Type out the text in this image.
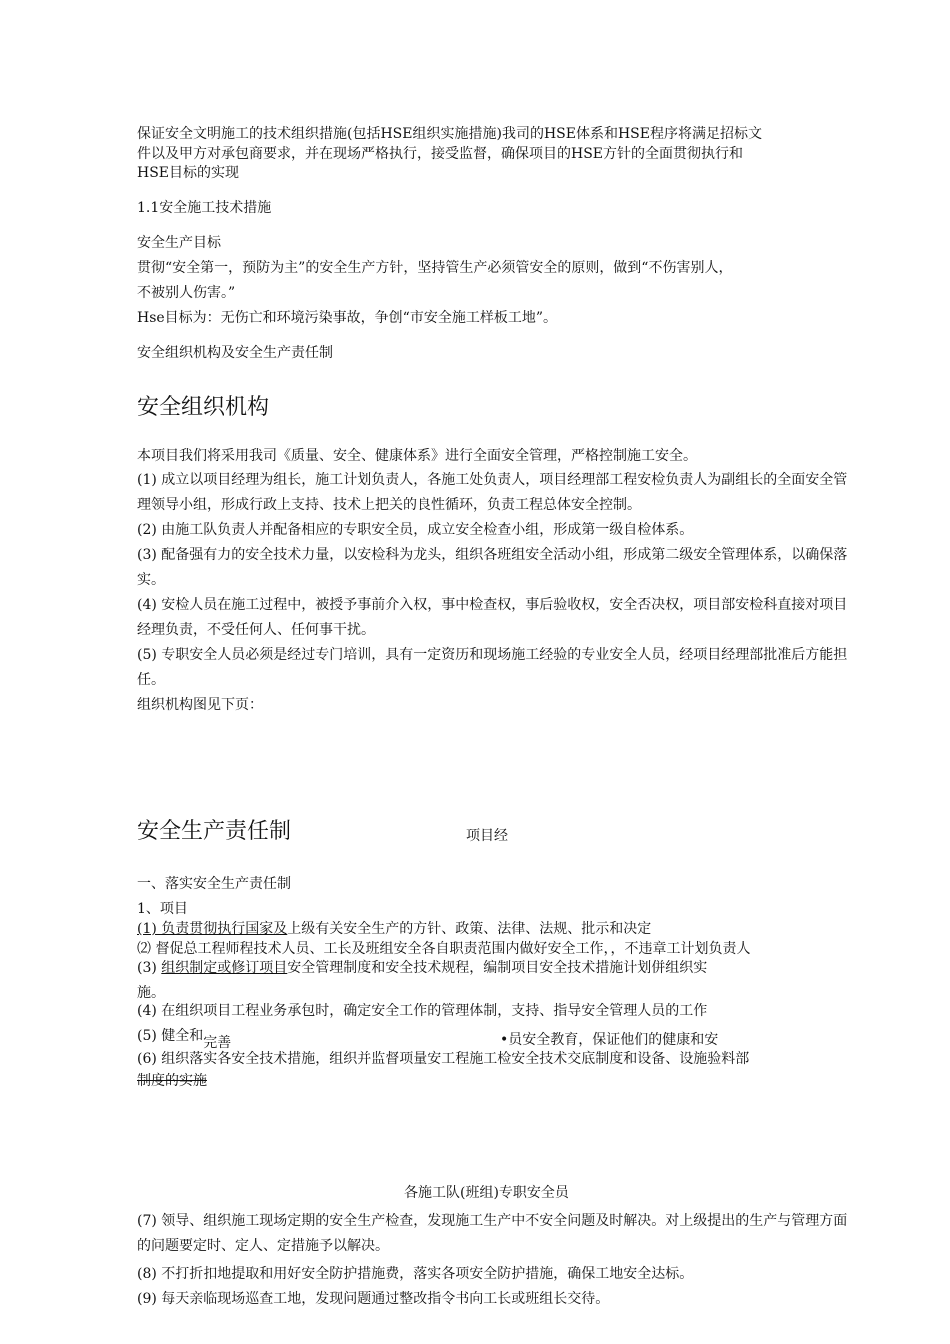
保证安全文明施工的技术组织措施(包括HSE组织实施措施)我司的HSE体系和HSE程序将满足招标文
件以及甲方对承包商要求，并在现场严格执行，接受监督，确保项目的HSE方针的全面贯彻执行和
HSE目标的实现
1.1安全施工技术措施
安全生产目标
贯彻“安全第一，预防为主”的安全生产方针，坚持管生产必须管安全的原则，做到“不伤害别人，
不被别人伤害。”
Hse目标为：无伤亡和环境污染事故，争创“市安全施工样板工地”。
安全组织机构及安全生产责任制
安全组织机构
本项目我们将采用我司《质量、安全、健康体系》进行全面安全管理，严格控制施工安全。
(1) 成立以项目经理为组长，施工计划负责人，各施工处负责人，项目经理部工程安检负责人为副组长的全面安全管理领导小组，形成行政上支持、技术上把关的良性循环，负责工程总体安全控制。
(2) 由施工队负责人并配备相应的专职安全员，成立安全检查小组，形成第一级自检体系。
(3) 配备强有力的安全技术力量，以安检科为龙头，组织各班组安全活动小组，形成第二级安全管理体系，以确保落实。
(4) 安检人员在施工过程中，被授予事前介入权，事中检查权，事后验收权，安全否决权，项目部安检科直接对项目经理负责，不受任何人、任何事干扰。
(5) 专职安全人员必须是经过专门培训，具有一定资历和现场施工经验的专业安全人员，经项目经理部批准后方能担任。
组织机构图见下页：
安全生产责任制	项目经
一、落实安全生产责任制
1、项目
(1) 负责贯彻执行国家及上级有关安全生产的方针、政策、法律、法规、批示和决定
⑵ 督促总工程师程技术人员、工长及班组安全各自职责范围内做好安全工作，，不违章工计划负责人
(3) 组织制定或修订项目安全管理制度和安全技术规程，编制项目安全技术措施计划併组织实
施。
(4) 在组织项目工程业务承包时，确定安全工作的管理体制，支持、指导安全管理人员的工作
(5) 健全和完善	•员安全教育，保证他们的健康和安
(6) 组织落实各安全技术措施，组织并监督项量安工程施工检安全技术交底制度和设备、设施验料部
制度的实施
各施工队(班组)专职安全员
(7) 领导、组织施工现场定期的安全生产检查，发现施工生产中不安全问题及时解决。对上级提出的生产与管理方面的问题要定时、定人、定措施予以解决。
(8) 不打折扣地提取和用好安全防护措施费，落实各项安全防护措施，确保工地安全达标。
(9) 每天亲临现场巡查工地，发现问题通过整改指令书向工长或班组长交待。
